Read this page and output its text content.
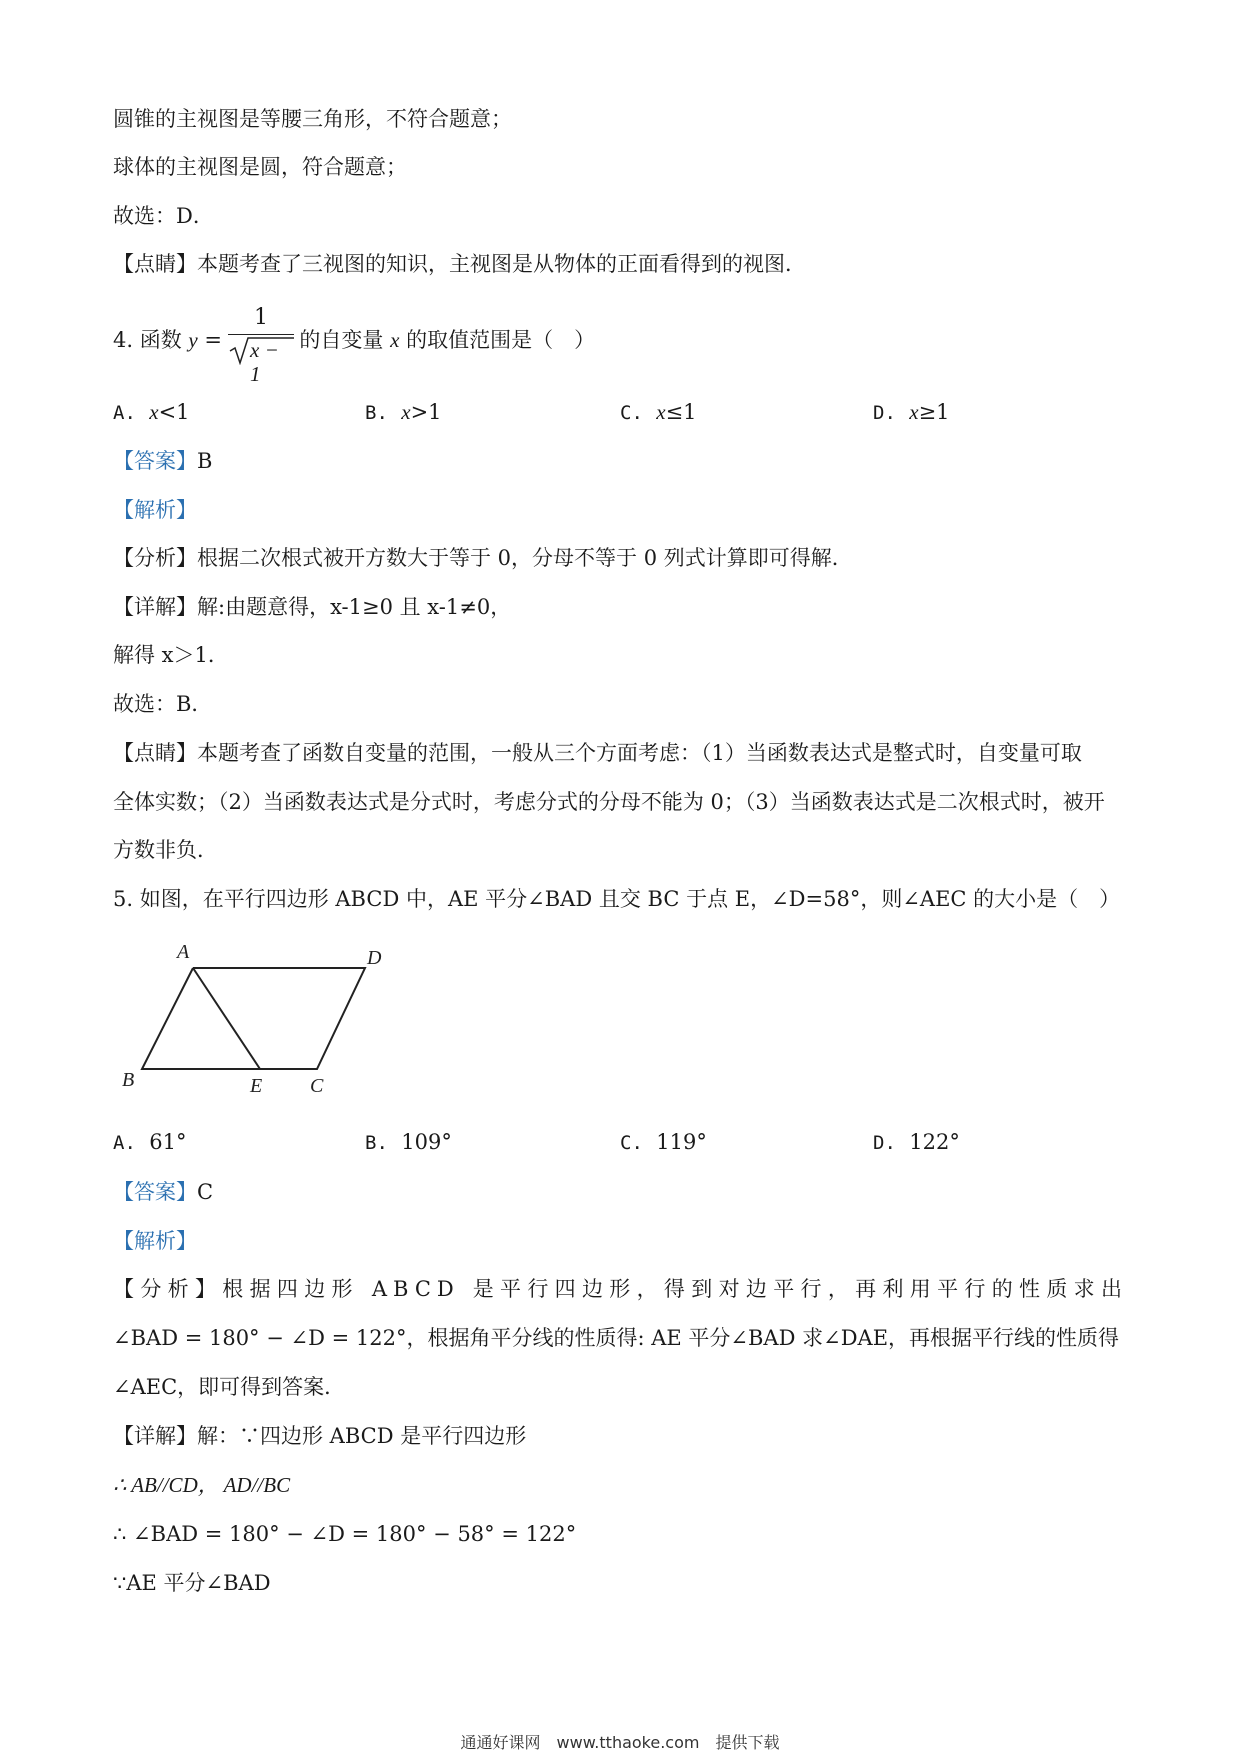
圆锥的主视图是等腰三角形，不符合题意；
球体的主视图是圆，符合题意；
故选：D．
【点睛】本题考查了三视图的知识，主视图是从物体的正面看得到的视图．
4. 函数 y =	的自变量 x 的取值范围是（　）
1
x − 1
A. x<1	B. x>1	C. x≤1	D. x≥1
【答案】B
【解析】
【分析】根据二次根式被开方数大于等于 0，分母不等于 0 列式计算即可得解．
【详解】解:由题意得，x-1≥0 且 x-1≠0，
解得 x＞1．
故选：B．
【点睛】本题考查了函数自变量的范围，一般从三个方面考虑：（1）当函数表达式是整式时，自变量可取
全体实数；（2）当函数表达式是分式时，考虑分式的分母不能为 0；（3）当函数表达式是二次根式时，被开
方数非负．
5. 如图，在平行四边形 ABCD 中，AE 平分∠BAD 且交 BC 于点 E，∠D=58°，则∠AEC 的大小是（　）
A	D
B	E C
A. 61°	B. 109°	C. 119°	D. 122°
【答案】C
【解析】
【分析】根据四边形 ABCD 是平行四边形，得到对边平行，再利用平行的性质求出
∠BAD = 180° − ∠D = 122°，根据角平分线的性质得: AE 平分∠BAD 求∠DAE，再根据平行线的性质得
∠AEC，即可得到答案．
【详解】解：∵四边形 ABCD 是平行四边形
∴ AB//CD， AD//BC
∴ ∠BAD = 180° − ∠D = 180° − 58° = 122°
∵AE 平分∠BAD
通通好课网　www.tthaoke.com　提供下载
